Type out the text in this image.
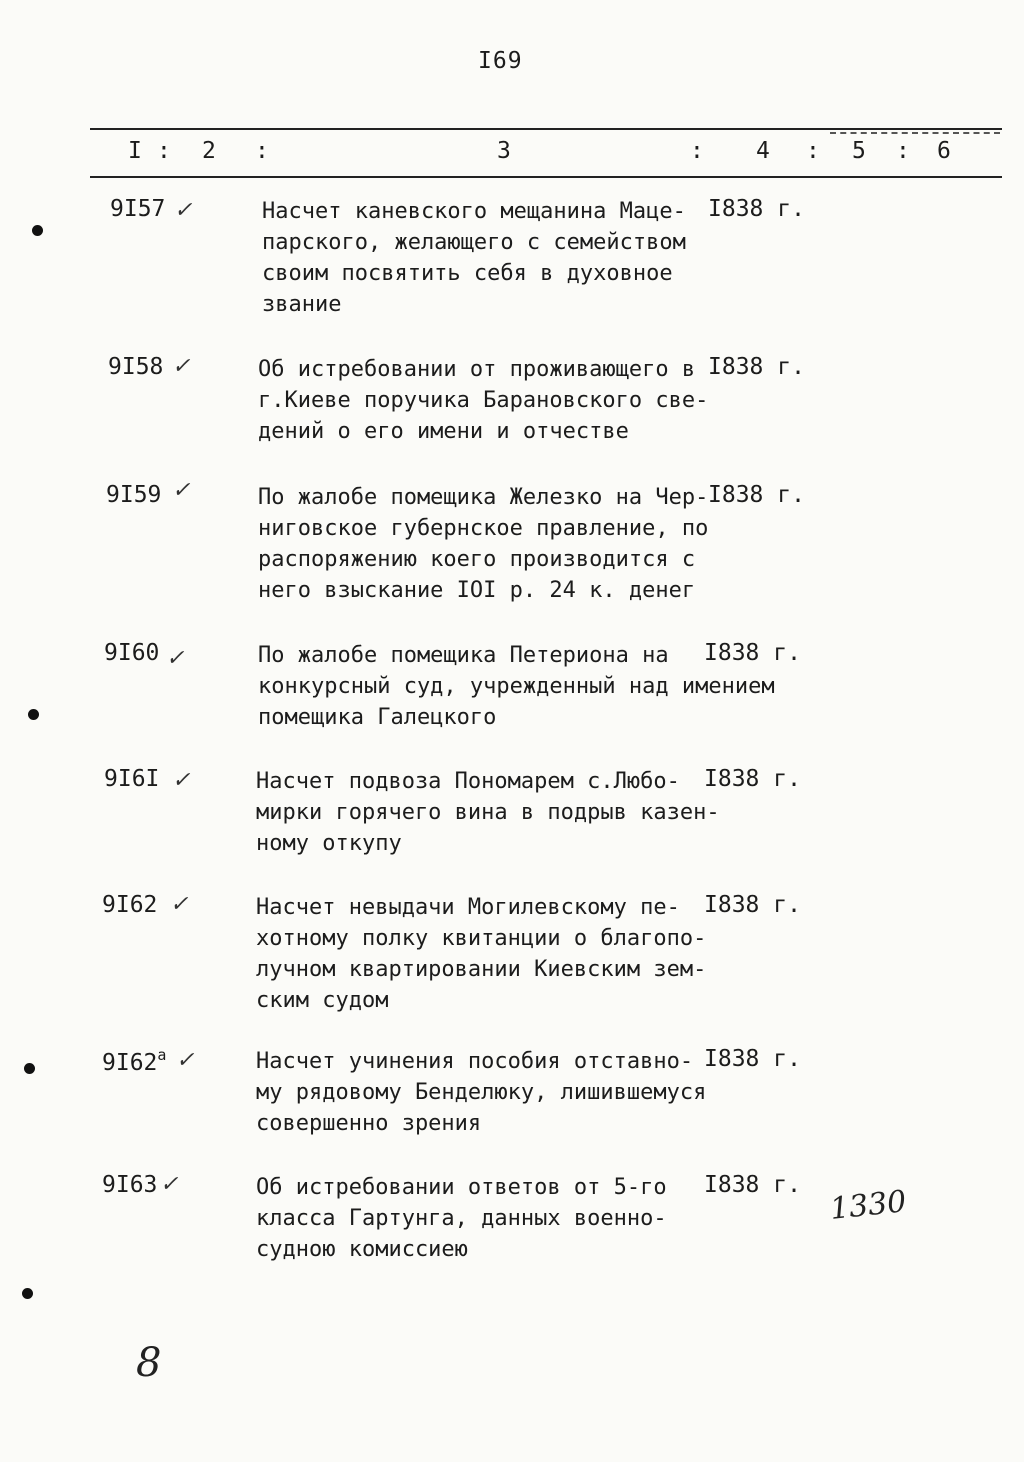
I69
I : 2 :	3	: 4 : 5 : 6
9I57 ✓	Насчет каневского мещанина Маце-
парского, желающего с семейством
своим посвятить себя в духовное
звание
I838 г.
9I58 ✓	Об истребовании от проживающего в
г.Киеве поручика Барановского све-
дений о его имени и отчестве
I838 г.
9I59 ✓	По жалобе помещика Железко на Чер-
ниговское губернское правление, по
распоряжению коего производится с
него взыскание IOI р. 24 к. денег
I838 г.
9I60 ✓	По жалобе помещика Петериона на
конкурсный суд, учрежденный над имением
помещика Галецкого
I838 г.
9I6I ✓	Насчет подвоза Пономарем с.Любо-
мирки горячего вина в подрыв казен-
ному откупу
I838 г.
9I62 ✓	Насчет невыдачи Могилевскому пе-
хотному полку квитанции о благопо-
лучном квартировании Киевским зем-
ским судом
I838 г.
$9I62^а$ ✓	Насчет учинения пособия отставно-
му рядовому Бенделюку, лишившемуся
совершенно зрения
I838 г.
9I63 ✓	Об истребовании ответов от 5-го
класса Гартунга, данных военно-
судною комиссиею
I838 г. 1330
8
